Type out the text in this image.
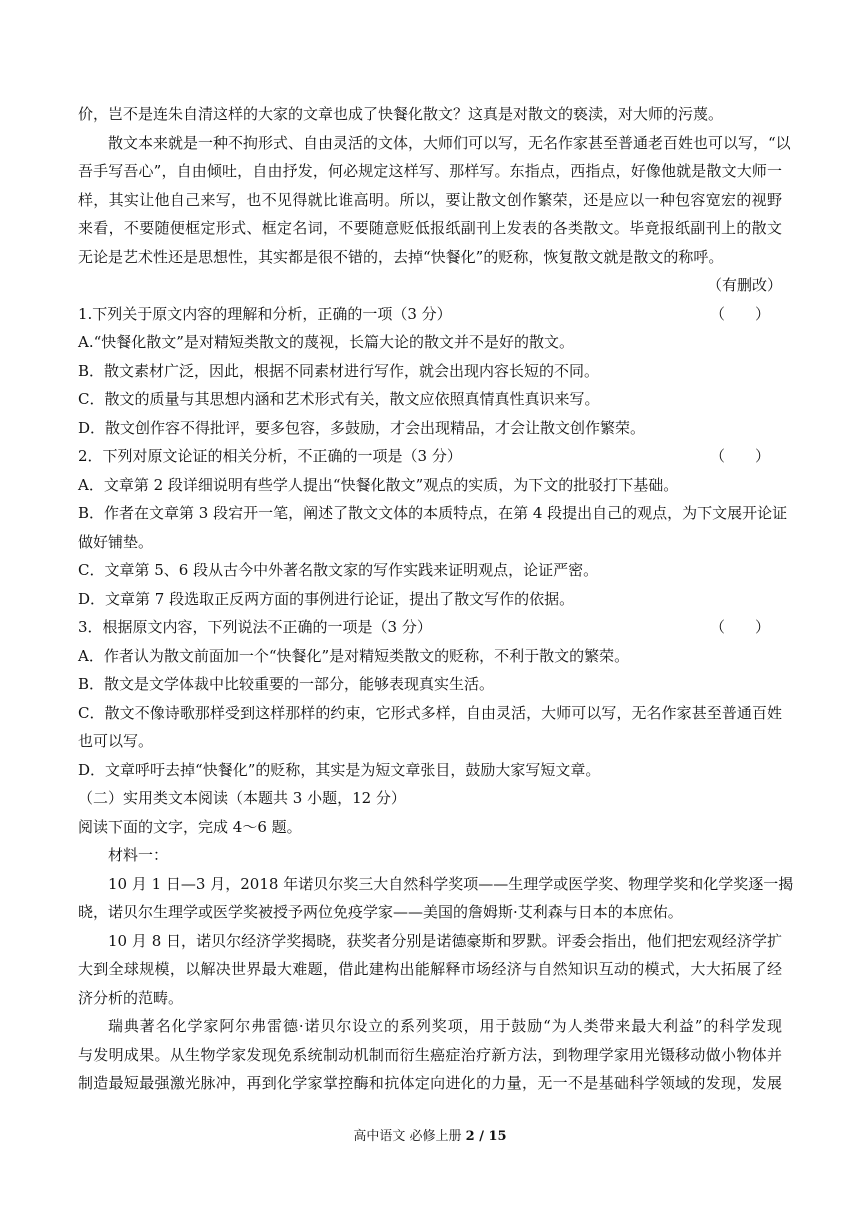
价，岂不是连朱自清这样的大家的文章也成了快餐化散文？这真是对散文的亵渎，对大师的污蔑。
散文本来就是一种不拘形式、自由灵活的文体，大师们可以写，无名作家甚至普通老百姓也可以写，“以
吾手写吾心”，自由倾吐，自由抒发，何必规定这样写、那样写。东指点，西指点，好像他就是散文大师一
样，其实让他自己来写，也不见得就比谁高明。所以，要让散文创作繁荣，还是应以一种包容宽宏的视野
来看，不要随便框定形式、框定名词，不要随意贬低报纸副刊上发表的各类散文。毕竟报纸副刊上的散文
无论是艺术性还是思想性，其实都是很不错的，去掉“快餐化”的贬称，恢复散文就是散文的称呼。
（有删改）
1.下列关于原文内容的理解和分析，正确的一项（3 分）	（　　）
A.“快餐化散文”是对精短类散文的蔑视，长篇大论的散文并不是好的散文。
B．散文素材广泛，因此，根据不同素材进行写作，就会出现内容长短的不同。
C．散文的质量与其思想内涵和艺术形式有关，散文应依照真情真性真识来写。
D．散文创作容不得批评，要多包容，多鼓励，才会出现精品，才会让散文创作繁荣。
2．下列对原文论证的相关分析，不正确的一项是（3 分）	（　　）
A．文章第 2 段详细说明有些学人提出“快餐化散文”观点的实质，为下文的批驳打下基础。
B．作者在文章第 3 段宕开一笔，阐述了散文文体的本质特点，在第 4 段提出自己的观点，为下文展开论证
做好铺垫。
C．文章第 5、6 段从古今中外著名散文家的写作实践来证明观点，论证严密。
D．文章第 7 段选取正反两方面的事例进行论证，提出了散文写作的依据。
3．根据原文内容，下列说法不正确的一项是（3 分）	（　　）
A．作者认为散文前面加一个“快餐化”是对精短类散文的贬称，不利于散文的繁荣。
B．散文是文学体裁中比较重要的一部分，能够表现真实生活。
C．散文不像诗歌那样受到这样那样的约束，它形式多样，自由灵活，大师可以写，无名作家甚至普通百姓
也可以写。
D．文章呼吁去掉“快餐化”的贬称，其实是为短文章张目，鼓励大家写短文章。
（二）实用类文本阅读（本题共 3 小题，12 分）
阅读下面的文字，完成 4～6 题。
材料一：
10 月 1 日—3 月，2018 年诺贝尔奖三大自然科学奖项——生理学或医学奖、物理学奖和化学奖逐一揭
晓，诺贝尔生理学或医学奖被授予两位免疫学家——美国的詹姆斯·艾利森与日本的本庶佑。
10 月 8 日，诺贝尔经济学奖揭晓，获奖者分别是诺德豪斯和罗默。评委会指出，他们把宏观经济学扩
大到全球规模，以解决世界最大难题，借此建构出能解释市场经济与自然知识互动的模式，大大拓展了经
济分析的范畴。
瑞典著名化学家阿尔弗雷德·诺贝尔设立的系列奖项，用于鼓励“为人类带来最大利益”的科学发现
与发明成果。从生物学家发现免系统制动机制而衍生癌症治疗新方法，到物理学家用光镊移动做小物体并
制造最短最强激光脉冲，再到化学家掌控酶和抗体定向进化的力量，无一不是基础科学领域的发现，发展
高中语文 必修上册 2 / 15
